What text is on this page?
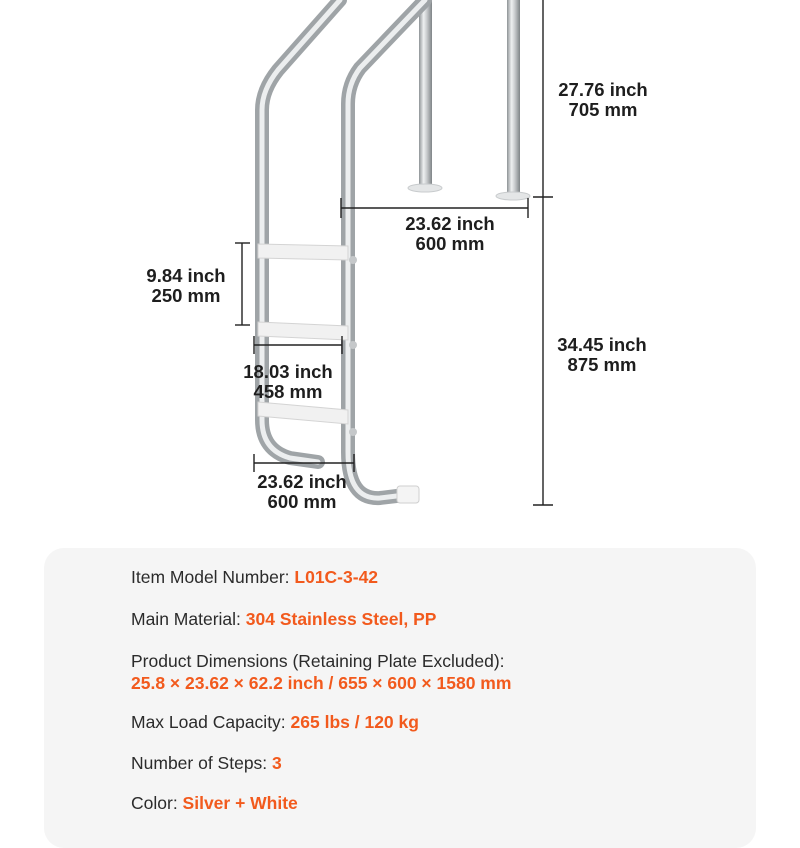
27.76 inch
705 mm
23.62 inch
600 mm
9.84 inch
250 mm
18.03 inch
458 mm
34.45 inch
875 mm
23.62 inch
600 mm
Item Model Number: L01C-3-42
Main Material: 304 Stainless Steel, PP
Product Dimensions (Retaining Plate Excluded):
25.8 × 23.62 × 62.2 inch / 655 × 600 × 1580 mm
Max Load Capacity: 265 lbs / 120 kg
Number of Steps: 3
Color: Silver + White
